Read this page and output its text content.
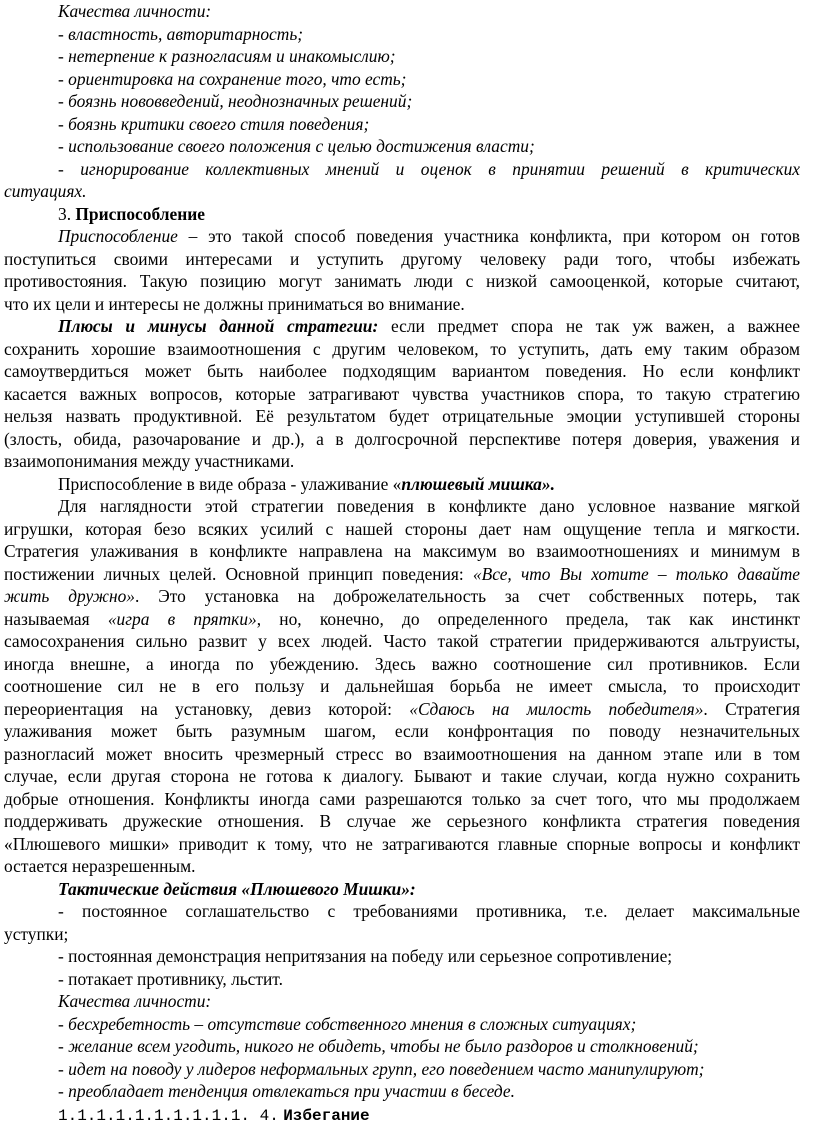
Качества личности:
- властность, авторитарность;
- нетерпение к разногласиям и инакомыслию;
- ориентировка на сохранение того, что есть;
- боязнь нововведений, неоднозначных решений;
- боязнь критики своего стиля поведения;
- использование своего положения с целью достижения власти;
- игнорирование коллективных мнений и оценок в принятии решений в критических
ситуациях.
3. Приспособление
Приспособление – это такой способ поведения участника конфликта, при котором он готов
поступиться своими интересами и уступить другому человеку ради того, чтобы избежать
противостояния. Такую позицию могут занимать люди с низкой самооценкой, которые считают,
что их цели и интересы не должны приниматься во внимание.
Плюсы и минусы данной стратегии: если предмет спора не так уж важен, а важнее
сохранить хорошие взаимоотношения с другим человеком, то уступить, дать ему таким образом
самоутвердиться может быть наиболее подходящим вариантом поведения. Но если конфликт
касается важных вопросов, которые затрагивают чувства участников спора, то такую стратегию
нельзя назвать продуктивной. Её результатом будет отрицательные эмоции уступившей стороны
(злость, обида, разочарование и др.), а в долгосрочной перспективе потеря доверия, уважения и
взаимопонимания между участниками.
Приспособление в виде образа - улаживание «плюшевый мишка».
Для наглядности этой стратегии поведения в конфликте дано условное название мягкой
игрушки, которая безо всяких усилий с нашей стороны дает нам ощущение тепла и мягкости.
Стратегия улаживания в конфликте направлена на максимум во взаимоотношениях и минимум в
постижении личных целей. Основной принцип поведения: «Все, что Вы хотите – только давайте
жить дружно». Это установка на доброжелательность за счет собственных потерь, так
называемая «игра в прятки», но, конечно, до определенного предела, так как инстинкт
самосохранения сильно развит у всех людей. Часто такой стратегии придерживаются альтруисты,
иногда внешне, а иногда по убеждению. Здесь важно соотношение сил противников. Если
соотношение сил не в его пользу и дальнейшая борьба не имеет смысла, то происходит
переориентация на установку, девиз которой: «Сдаюсь на милость победителя». Стратегия
улаживания может быть разумным шагом, если конфронтация по поводу незначительных
разногласий может вносить чрезмерный стресс во взаимоотношения на данном этапе или в том
случае, если другая сторона не готова к диалогу. Бывают и такие случаи, когда нужно сохранить
добрые отношения. Конфликты иногда сами разрешаются только за счет того, что мы продолжаем
поддерживать дружеские отношения. В случае же серьезного конфликта стратегия поведения
«Плюшевого мишки» приводит к тому, что не затрагиваются главные спорные вопросы и конфликт
остается неразрешенным.
Тактические действия «Плюшевого Мишки»:
- постоянное соглашательство с требованиями противника, т.е. делает максимальные
уступки;
- постоянная демонстрация непритязания на победу или серьезное сопротивление;
- потакает противнику, льстит.
Качества личности:
- бесхребетность – отсутствие собственного мнения в сложных ситуациях;
- желание всем угодить, никого не обидеть, чтобы не было раздоров и столкновений;
- идет на поводу у лидеров неформальных групп, его поведением часто манипулируют;
- преобладает тенденция отвлекаться при участии в беседе.
1.1.1.1.1.1.1.1.1.1. 4. Избегание
